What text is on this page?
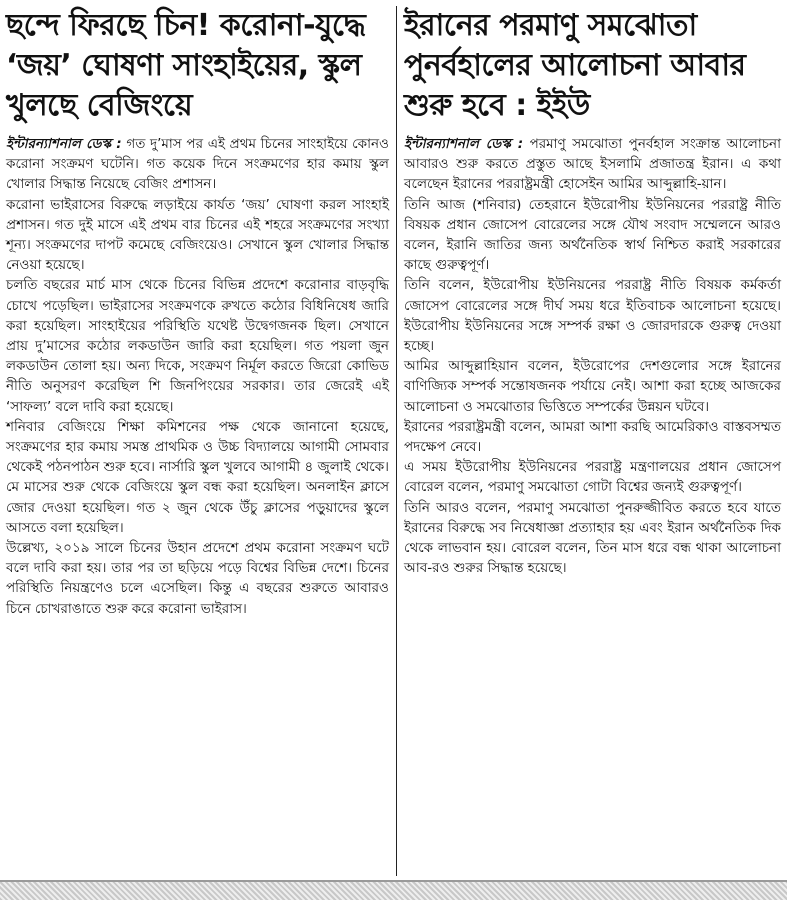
ছন্দে ফিরছে চিন! করোনা-যুদ্ধে ‘জয়’ ঘোষণা সাংহাইয়ের, স্কুল খুলছে বেজিংয়ে

ইন্টারন্যাশনাল ডেস্ক : গত দু’মাস পর এই প্রথম চিনের সাংহাইয়ে কোনও করোনা সংক্রমণ ঘটেনি। গত কয়েক দিনে সংক্রমণের হার কমায় স্কুল খোলার সিদ্ধান্ত নিয়েছে বেজিং প্রশাসন।

করোনা ভাইরাসের বিরুদ্ধে লড়াইয়ে কার্যত ‘জয়’ ঘোষণা করল সাংহাই প্রশাসন। গত দুই মাসে এই প্রথম বার চিনের এই শহরে সংক্রমণের সংখ্যা শূন্য। সংক্রমণের দাপট কমেছে বেজিংয়েও। সেখানে স্কুল খোলার সিদ্ধান্ত নেওয়া হয়েছে।

চলতি বছরের মার্চ মাস থেকে চিনের বিভিন্ন প্রদেশে করোনার বাড়বৃদ্ধি চোখে পড়েছিল। ভাইরাসের সংক্রমণকে রুখতে কঠোর বিধিনিষেধ জারি করা হয়েছিল। সাংহাইয়ের পরিস্থিতি যথেষ্ট উদ্বেগজনক ছিল। সেখানে প্রায় দু’মাসের কঠোর লকডাউন জারি করা হয়েছিল। গত পয়লা জুন লকডাউন তোলা হয়। অন্য দিকে, সংক্রমণ নির্মূল করতে জিরো কোভিড নীতি অনুসরণ করেছিল শি জিনপিংয়ের সরকার। তার জেরেই এই ‘সাফল্য’ বলে দাবি করা হয়েছে।

শনিবার বেজিংয়ে শিক্ষা কমিশনের পক্ষ থেকে জানানো হয়েছে, সংক্রমণের হার কমায় সমস্ত প্রাথমিক ও উচ্চ বিদ্যালয়ে আগামী সোমবার থেকেই পঠনপাঠন শুরু হবে। নার্সারি স্কুল খুলবে আগামী ৪ জুলাই থেকে। মে মাসের শুরু থেকে বেজিংয়ে স্কুল বন্ধ করা হয়েছিল। অনলাইন ক্লাসে জোর দেওয়া হয়েছিল। গত ২ জুন থেকে উঁচু ক্লাসের পড়ুয়াদের স্কুলে আসতে বলা হয়েছিল।

উল্লেখ্য, ২০১৯ সালে চিনের উহান প্রদেশে প্রথম করোনা সংক্রমণ ঘটে বলে দাবি করা হয়। তার পর তা ছড়িয়ে পড়ে বিশ্বের বিভিন্ন দেশে। চিনের পরিস্থিতি নিয়ন্ত্রণেও চলে এসেছিল। কিন্তু এ বছরের শুরুতে আবারও চিনে চোখরাঙাতে শুরু করে করোনা ভাইরাস।

ইরানের পরমাণু সমঝোতা পুনর্বহালের আলোচনা আবার শুরু হবে : ইইউ

ইন্টারন্যাশনাল ডেস্ক : পরমাণু সমঝোতা পুনর্বহাল সংক্রান্ত আলোচনা আবারও শুরু করতে প্রস্তুত আছে ইসলামি প্রজাতন্ত্র ইরান। এ কথা বলেছেন ইরানের পররাষ্ট্রমন্ত্রী হোসেইন আমির আব্দুল্লাহি-য়ান।

তিনি আজ (শনিবার) তেহরানে ইউরোপীয় ইউনিয়নের পররাষ্ট্র নীতি বিষয়ক প্রধান জোসেপ বোরেলের সঙ্গে যৌথ সংবাদ সম্মেলনে আরও বলেন, ইরানি জাতির জন্য অর্থনৈতিক স্বার্থ নিশ্চিত করাই সরকারের কাছে গুরুত্বপূর্ণ।

তিনি বলেন, ইউরোপীয় ইউনিয়নের পররাষ্ট্র নীতি বিষয়ক কর্মকর্তা জোসেপ বোরেলের সঙ্গে দীর্ঘ সময় ধরে ইতিবাচক আলোচনা হয়েছে। ইউরোপীয় ইউনিয়নের সঙ্গে সম্পর্ক রক্ষা ও জোরদারকে গুরুত্ব দেওয়া হচ্ছে।

আমির আব্দুল্লাহিয়ান বলেন, ইউরোপের দেশগুলোর সঙ্গে ইরানের বাণিজ্যিক সম্পর্ক সন্তোষজনক পর্যায়ে নেই। আশা করা হচ্ছে আজকের আলোচনা ও সমঝোতার ভিত্তিতে সম্পর্কের উন্নয়ন ঘটবে।

ইরানের পররাষ্ট্রমন্ত্রী বলেন, আমরা আশা করছি আমেরিকাও বাস্তবসম্মত পদক্ষেপ নেবে।

এ সময় ইউরোপীয় ইউনিয়নের পররাষ্ট্র মন্ত্রণালয়ের প্রধান জোসেপ বোরেল বলেন, পরমাণু সমঝোতা গোটা বিশ্বের জন্যই গুরুত্বপূর্ণ।

তিনি আরও বলেন, পরমাণু সমঝোতা পুনরুজ্জীবিত করতে হবে যাতে ইরানের বিরুদ্ধে সব নিষেধাজ্ঞা প্রত্যাহার হয় এবং ইরান অর্থনৈতিক দিক থেকে লাভবান হয়। বোরেল বলেন, তিন মাস ধরে বন্ধ থাকা আলোচনা আব-রও শুরুর সিদ্ধান্ত হয়েছে।
